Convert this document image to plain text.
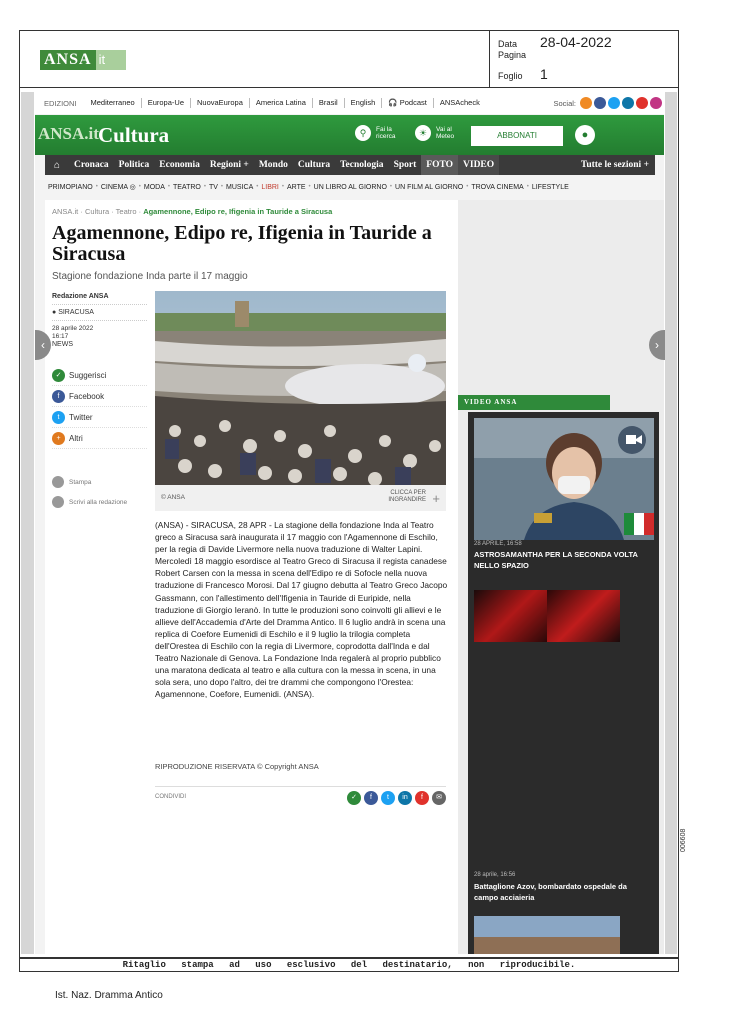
ANSA it
Data	28-04-2022
Pagina
Foglio	1
EDIZIONI	Mediterraneo	Europa-Ue	NuovaEuropa	America Latina	Brasil	English	🎧 Podcast	ANSAcheck	Social:
ANSA.it Cultura	⚲	Fai la
ricerca	☀	Vai al
Meteo	ABBONATI	●
⌂	Cronaca	Politica	Economia	Regioni +	Mondo	Cultura	Tecnologia	Sport	FOTO	VIDEO	Tutte le sezioni +
PRIMOPIANO • CINEMA ◎ • MODA • TEATRO • TV • MUSICA • LIBRI • ARTE • UN LIBRO AL GIORNO • UN FILM AL GIORNO • TROVA CINEMA • LIFESTYLE
ANSA.it · Cultura · Teatro · Agamennone, Edipo re, Ifigenia in Tauride a Siracusa
Agamennone, Edipo re, Ifigenia in Tauride a Siracusa
Stagione fondazione Inda parte il 17 maggio
Redazione ANSA
● SIRACUSA
28 aprile 2022
16:17
NEWS
✓ Suggerisci
f	Facebook
t	Twitter
+	Altri
Stampa
Scrivi alla redazione
© ANSA
CLICCA PER
INGRANDIRE +

(ANSA) - SIRACUSA, 28 APR - La stagione della fondazione Inda al Teatro greco a Siracusa sarà inaugurata il 17 maggio con l'Agamennone di Eschilo, per la regia di Davide Livermore nella nuova traduzione di Walter Lapini. Mercoledì 18 maggio esordisce al Teatro Greco di Siracusa il regista canadese Robert Carsen con la messa in scena dell'Edipo re di Sofocle nella nuova traduzione di Francesco Morosi. Dal 17 giugno debutta al Teatro Greco Jacopo Gassmann, con l'allestimento dell'Ifigenia in Tauride di Euripide, nella traduzione di Giorgio Ieranò. In tutte le produzioni sono coinvolti gli allievi e le allieve dell'Accademia d'Arte del Dramma Antico. Il 6 luglio andrà in scena una replica di Coefore Eumenidi di Eschilo e il 9 luglio la trilogia completa dell'Orestea di Eschilo con la regia di Livermore, coprodotta dall'Inda e dal Teatro Nazionale di Genova. La Fondazione Inda regalerà al proprio pubblico una maratona dedicata al teatro e alla cultura con la messa in scena, in una sola sera, uno dopo l'altro, dei tre drammi che compongono l'Orestea: Agamennone, Coefore, Eumenidi. (ANSA).

RIPRODUZIONE RISERVATA © Copyright ANSA
CONDIVIDI	✓	f	t	in	f	✉
VIDEO ANSA
28 APRILE, 16:58
ASTROSAMANTHA PER LA SECONDA VOLTA NELLO SPAZIO
28 aprile, 16:56
Battaglione Azov, bombardato ospedale da campo acciaieria
‹	›
Ritaglio stampa ad uso esclusivo del destinatario, non riproducibile.
006608
Ist. Naz. Dramma Antico
